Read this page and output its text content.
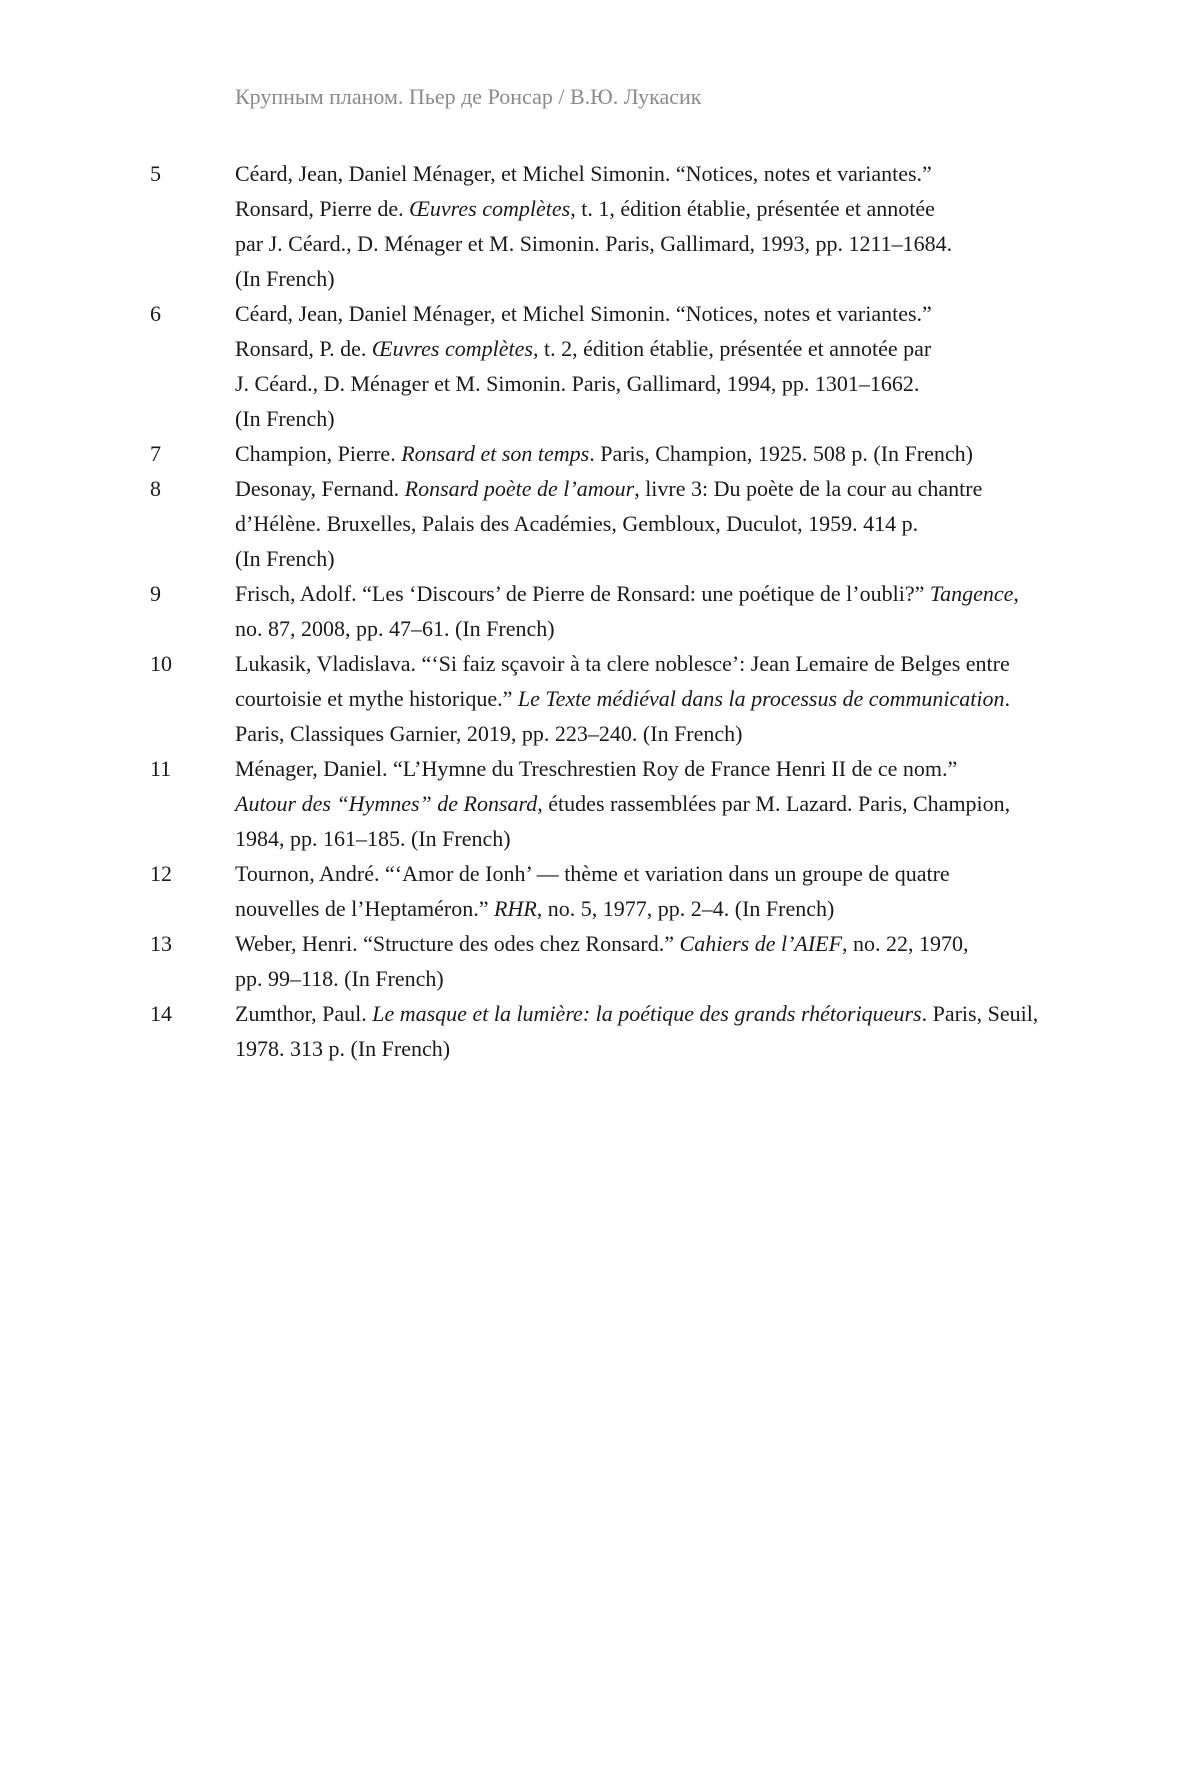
Крупным планом. Пьер де Ронсар / В.Ю. Лукасик
5	Céard, Jean, Daniel Ménager, et Michel Simonin. “Notices, notes et variantes.”
Ronsard, Pierre de. Œuvres complètes, t. 1, édition établie, présentée et annotée
par J. Céard., D. Ménager et M. Simonin. Paris, Gallimard, 1993, pp. 1211–1684.
(In French)
6	Céard, Jean, Daniel Ménager, et Michel Simonin. “Notices, notes et variantes.”
Ronsard, P. de. Œuvres complètes, t. 2, édition établie, présentée et annotée par
J. Céard., D. Ménager et M. Simonin. Paris, Gallimard, 1994, pp. 1301–1662.
(In French)
7	Champion, Pierre. Ronsard et son temps. Paris, Champion, 1925. 508 p. (In French)
8	Desonay, Fernand. Ronsard poète de l’amour, livre 3: Du poète de la cour au chantre
d’Hélène. Bruxelles, Palais des Académies, Gembloux, Duculot, 1959. 414 p.
(In French)
9	Frisch, Adolf. “Les ‘Discours’ de Pierre de Ronsard: une poétique de l’oubli?” Tangence,
no. 87, 2008, pp. 47–61. (In French)
10	Lukasik, Vladislava. “‘Si faiz sçavoir à ta clere noblesce’: Jean Lemaire de Belges entre
courtoisie et mythe historique.” Le Texte médiéval dans la processus de communication.
Paris, Classiques Garnier, 2019, pp. 223–240. (In French)
11	Ménager, Daniel. “L’Hymne du Treschrestien Roy de France Henri II de ce nom.”
Autour des “Hymnes” de Ronsard, études rassemblées par M. Lazard. Paris, Champion,
1984, pp. 161–185. (In French)
12	Tournon, André. “‘Amor de Ionh’ — thème et variation dans un groupe de quatre
nouvelles de l’Heptaméron.” RHR, no. 5, 1977, pp. 2–4. (In French)
13	Weber, Henri. “Structure des odes chez Ronsard.” Cahiers de l’AIEF, no. 22, 1970,
pp. 99–118. (In French)
14	Zumthor, Paul. Le masque et la lumière: la poétique des grands rhétoriqueurs. Paris, Seuil,
1978. 313 p. (In French)
